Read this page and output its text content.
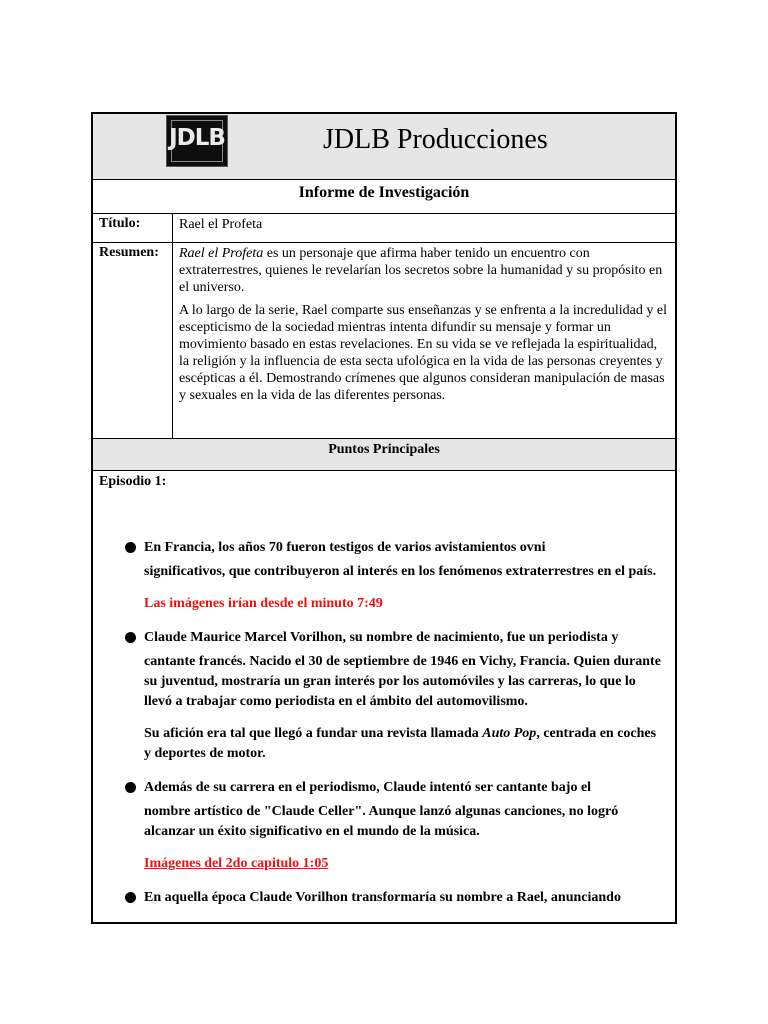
JDLB	JDLB Producciones
Informe de Investigación
Título:	Rael el Profeta
Resumen:	Rael el Profeta es un personaje que afirma haber tenido un encuentro con extraterrestres, quienes le revelarían los secretos sobre la humanidad y su propósito en el universo.

A lo largo de la serie, Rael comparte sus enseñanzas y se enfrenta a la incredulidad y el escepticismo de la sociedad mientras intenta difundir su mensaje y formar un movimiento basado en estas revelaciones. En su vida se ve reflejada la espiritualidad, la religión y la influencia de esta secta ufológica en la vida de las personas creyentes y escépticas a él. Demostrando crímenes que algunos consideran manipulación de masas y sexuales en la vida de las diferentes personas.

Puntos Principales
Episodio 1:

En Francia, los años 70 fueron testigos de varios avistamientos ovni

significativos, que contribuyeron al interés en los fenómenos extraterrestres en el país.

Las imágenes irían desde el minuto 7:49

Claude Maurice Marcel Vorilhon, su nombre de nacimiento, fue un periodista y

cantante francés. Nacido el 30 de septiembre de 1946 en Vichy, Francia. Quien durante su juventud, mostraría un gran interés por los automóviles y las carreras, lo que lo llevó a trabajar como periodista en el ámbito del automovilismo.

Su afición era tal que llegó a fundar una revista llamada Auto Pop, centrada en coches y deportes de motor.

Además de su carrera en el periodismo, Claude intentó ser cantante bajo el

nombre artístico de "Claude Celler". Aunque lanzó algunas canciones, no logró alcanzar un éxito significativo en el mundo de la música.

Imágenes del 2do capitulo 1:05

En aquella época Claude Vorilhon transformaría su nombre a Rael, anunciando
